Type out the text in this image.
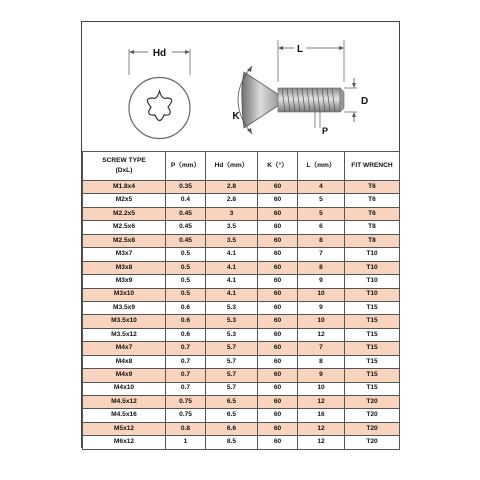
Hd	L
K
D
P
SCREW TYPE
(DxL)	P（mm）	Hd（mm）	K（°）	L（mm）	FIT WRENCH

M1.8x4	0.35	2.8	60	4	T6
M2x5	0.4	2.8	60	5	T6
M2.2x5	0.45	3	60	5	T6
M2.5x6	0.45	3.5	60	6	T8
M2.5x8	0.45	3.5	60	8	T8
M3x7	0.5	4.1	60	7	T10
M3x8	0.5	4.1	60	8	T10
M3x9	0.5	4.1	60	9	T10
M3x10	0.5	4.1	60	10	T10
M3.5x9	0.6	5.3	60	9	T15
M3.5x10	0.6	5.3	60	10	T15
M3.5x12	0.6	5.3	60	12	T15
M4x7	0.7	5.7	60	7	T15
M4x8	0.7	5.7	60	8	T15
M4x9	0.7	5.7	60	9	T15
M4x10	0.7	5.7	60	10	T15
M4.5x12	0.75	6.5	60	12	T20
M4.5x16	0.75	6.5	60	16	T20
M5x12	0.8	6.6	60	12	T20
M6x12	1	8.5	60	12	T20
